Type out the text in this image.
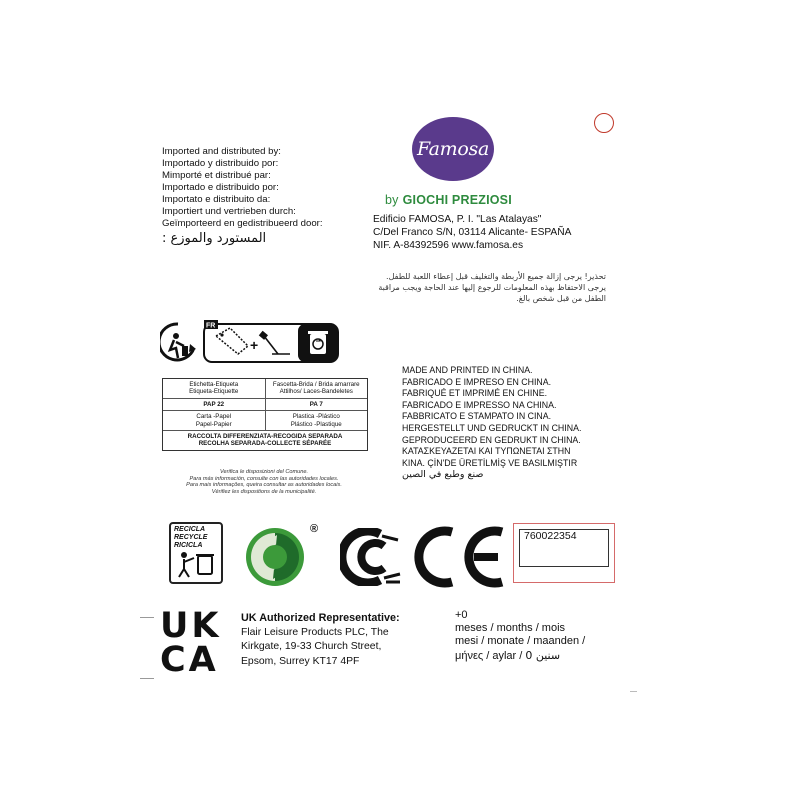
Imported and distributed by:
Importado y distribuido por:
Mimporté et distribué par:
Importado e distribuido por:
Importato e distribuito da:
Importiert und vertrieben durch:
Geïmporteerd en gedistribueerd door:
المستورد والموزع :
Famosa
by GIOCHI PREZIOSI
Edificio FAMOSA, P. I. "Las Atalayas"
C/Del Franco S/N, 03114 Alicante- ESPAÑA
NIF. A-84392596 www.famosa.es
تحذير! يرجى إزالة جميع الأربطة والتغليف قبل إعطاء اللعبة للطفل.
يرجى الاحتفاظ بهذه المعلومات للرجوع إليها عند الحاجة ويجب مراقبة
الطفل من قبل شخص بالغ.
FR
+
Etichetta-Etiqueta
Etiqueta-Etiquette
Fascetta-Brida / Brida amarrare
Attilhos/ Laces-Bandeletes
PAP 22	PA 7
Carta -Papel
Papel-Papier
Plastica -Plástico
Plástico -Plastique
RACCOLTA DIFFERENZIATA-RECOGIDA SEPARADA
RECOLHA SEPARADA-COLLECTE SÉPARÉE
Verifica le disposizioni del Comune.
Para más información, consulte con las autoridades locales.
Para mais informações, queira consultar as autoridades locais.
Vérifiez les dispositions de la municipalité.
MADE AND PRINTED IN CHINA.
FABRICADO E IMPRESO EN CHINA.
FABRIQUÉ ET IMPRIMÉ EN CHINE.
FABRICADO E IMPRESSO NA CHINA.
FABBRICATO E STAMPATO IN CINA.
HERGESTELLT UND GEDRUCKT IN CHINA.
GEPRODUCEERD EN GEDRUKT IN CHINA.
ΚΑΤΑΣΚΕΥΑΖΕΤΑΙ ΚΑΙ ΤΥΠΩΝΕΤΑΙ ΣΤΗΝ
KINA. ÇİN'DE ÜRETİLMİŞ VE BASILMIŞTIR
صنع وطبع في الصين
RECICLA
RECYCLE
RICICLA
®
760022354
UK
CA
UK Authorized Representative:
Flair Leisure Products PLC, The
Kirkgate, 19-33 Church Street,
Epsom, Surrey KT17 4PF
+0
meses / months / mois
mesi / monate / maanden /
μήνες / aylar / 0 سنين
